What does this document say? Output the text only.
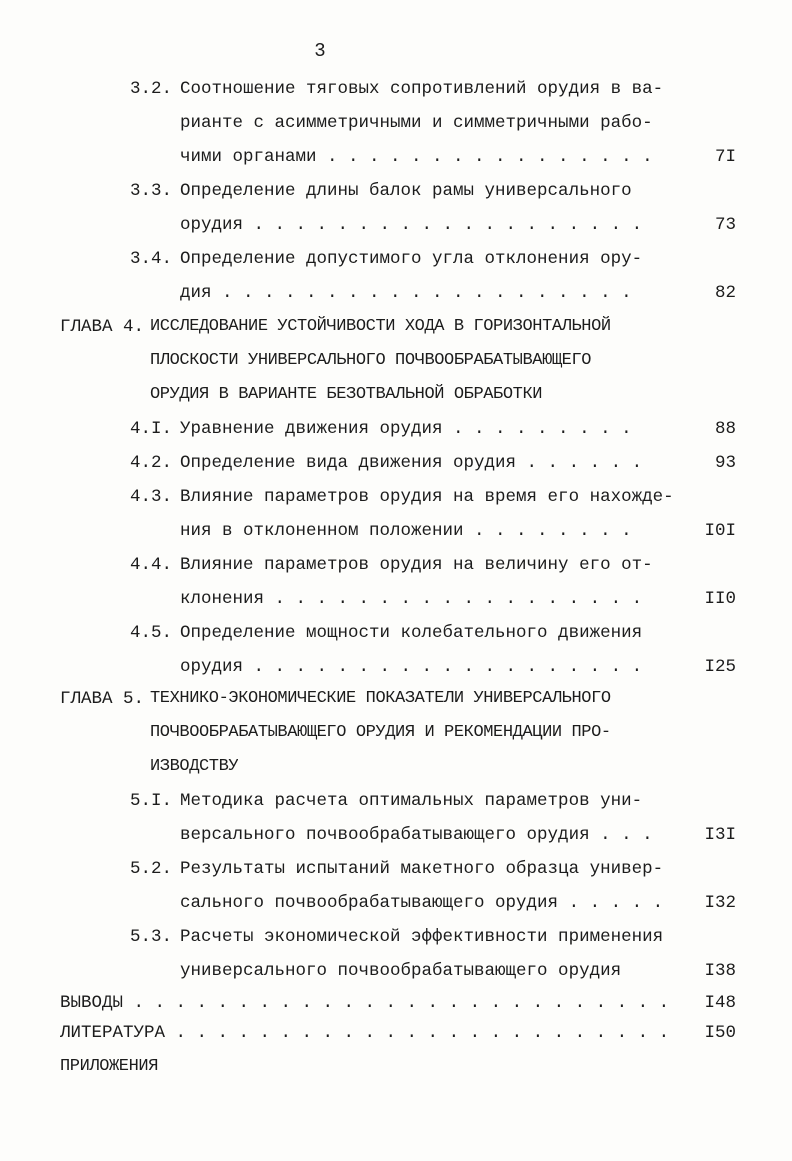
3
3.2. Соотношение тяговых сопротивлений орудия в ва-
рианте с асимметричными и симметричными рабо-
чими органами . . . . . . . . . . . . . . . .	7I
3.3. Определение длины балок рамы универсального
орудия . . . . . . . . . . . . . . . . . . .	73
3.4. Определение допустимого угла отклонения ору-
дия . . . . . . . . . . . . . . . . . . . .	82
ГЛАВА 4. ИССЛЕДОВАНИЕ УСТОЙЧИВОСТИ ХОДА В ГОРИЗОНТАЛЬНОЙ
ПЛОСКОСТИ УНИВЕРСАЛЬНОГО ПОЧВООБРАБАТЫВАЮЩЕГО
ОРУДИЯ В ВАРИАНТЕ БЕЗОТВАЛЬНОЙ ОБРАБОТКИ
4.I. Уравнение движения орудия . . . . . . . . .	88
4.2. Определение вида движения орудия . . . . . .	93
4.3. Влияние параметров орудия на время его нахожде-
ния в отклоненном положении . . . . . . . .	I0I
4.4. Влияние параметров орудия на величину его от-
клонения . . . . . . . . . . . . . . . . . .	II0
4.5. Определение мощности колебательного движения
орудия . . . . . . . . . . . . . . . . . . .	I25
ГЛАВА 5. ТЕХНИКО-ЭКОНОМИЧЕСКИЕ ПОКАЗАТЕЛИ УНИВЕРСАЛЬНОГО
ПОЧВООБРАБАТЫВАЮЩЕГО ОРУДИЯ И РЕКОМЕНДАЦИИ ПРО-
ИЗВОДСТВУ
5.I. Методика расчета оптимальных параметров уни-
версального почвообрабатывающего орудия . . .	I3I
5.2. Результаты испытаний макетного образца универ-
сального почвообрабатывающего орудия . . . . .	I32
5.3. Расчеты экономической эффективности применения
универсального почвообрабатывающего орудия	I38
ВЫВОДЫ . . . . . . . . . . . . . . . . . . . . . . . . . .	I48
ЛИТЕРАТУРА . . . . . . . . . . . . . . . . . . . . . . . .	I50
ПРИЛОЖЕНИЯ
